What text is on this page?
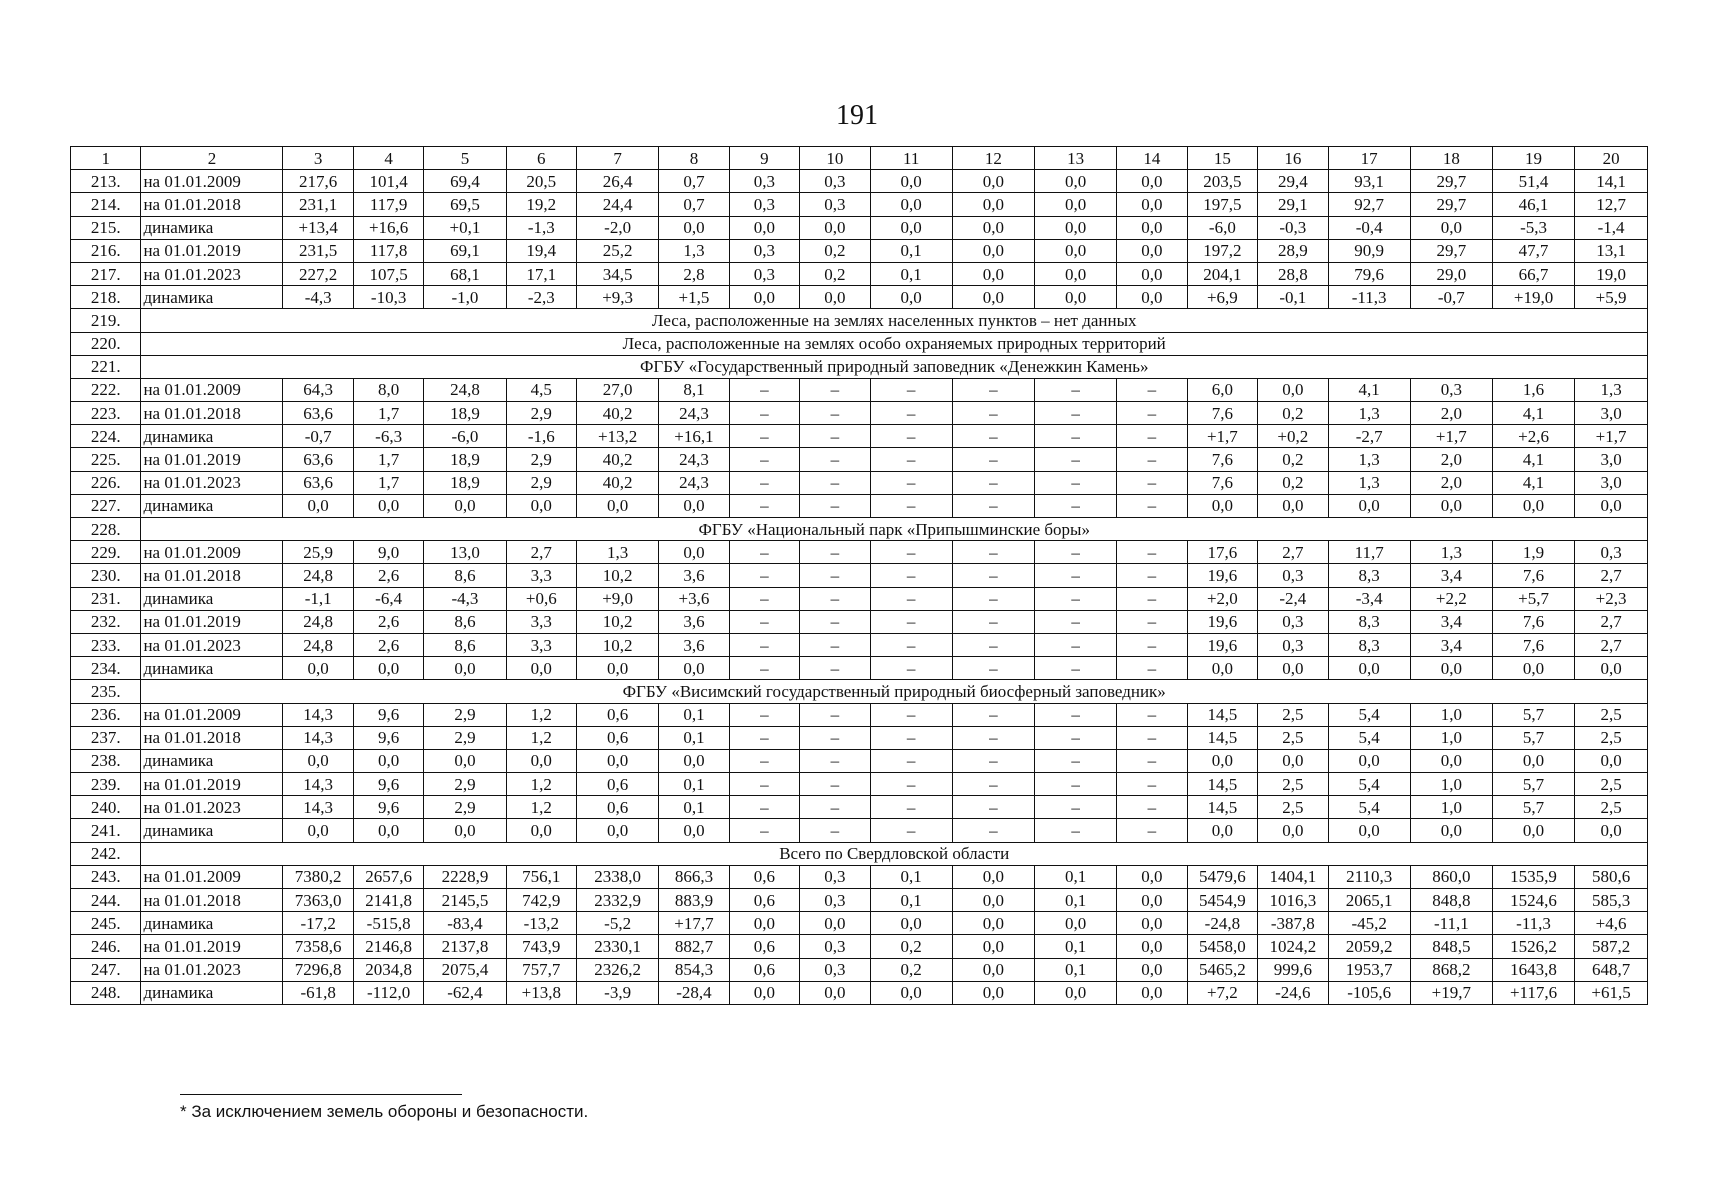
191
1	2	3	4	5	6	7	8	9	10	11	12	13	14	15	16	17	18	19	20
213.	на 01.01.2009	217,6	101,4	69,4	20,5	26,4	0,7	0,3	0,3	0,0	0,0	0,0	0,0	203,5	29,4	93,1	29,7	51,4	14,1
214.	на 01.01.2018	231,1	117,9	69,5	19,2	24,4	0,7	0,3	0,3	0,0	0,0	0,0	0,0	197,5	29,1	92,7	29,7	46,1	12,7
215.	динамика	+13,4	+16,6	+0,1	-1,3	-2,0	0,0	0,0	0,0	0,0	0,0	0,0	0,0	-6,0	-0,3	-0,4	0,0	-5,3	-1,4
216.	на 01.01.2019	231,5	117,8	69,1	19,4	25,2	1,3	0,3	0,2	0,1	0,0	0,0	0,0	197,2	28,9	90,9	29,7	47,7	13,1
217.	на 01.01.2023	227,2	107,5	68,1	17,1	34,5	2,8	0,3	0,2	0,1	0,0	0,0	0,0	204,1	28,8	79,6	29,0	66,7	19,0
218.	динамика	-4,3	-10,3	-1,0	-2,3	+9,3	+1,5	0,0	0,0	0,0	0,0	0,0	0,0	+6,9	-0,1	-11,3	-0,7	+19,0	+5,9
219.	Леса, расположенные на землях населенных пунктов – нет данных																		
220.	Леса, расположенные на землях особо охраняемых природных территорий																		
221.	ФГБУ «Государственный природный заповедник «Денежкин Камень»																		
222.	на 01.01.2009	64,3	8,0	24,8	4,5	27,0	8,1	–	–	–	–	–	–	6,0	0,0	4,1	0,3	1,6	1,3
223.	на 01.01.2018	63,6	1,7	18,9	2,9	40,2	24,3	–	–	–	–	–	–	7,6	0,2	1,3	2,0	4,1	3,0
224.	динамика	-0,7	-6,3	-6,0	-1,6	+13,2	+16,1	–	–	–	–	–	–	+1,7	+0,2	-2,7	+1,7	+2,6	+1,7
225.	на 01.01.2019	63,6	1,7	18,9	2,9	40,2	24,3	–	–	–	–	–	–	7,6	0,2	1,3	2,0	4,1	3,0
226.	на 01.01.2023	63,6	1,7	18,9	2,9	40,2	24,3	–	–	–	–	–	–	7,6	0,2	1,3	2,0	4,1	3,0
227.	динамика	0,0	0,0	0,0	0,0	0,0	0,0	–	–	–	–	–	–	0,0	0,0	0,0	0,0	0,0	0,0
228.	ФГБУ «Национальный парк «Припышминские боры»																		
229.	на 01.01.2009	25,9	9,0	13,0	2,7	1,3	0,0	–	–	–	–	–	–	17,6	2,7	11,7	1,3	1,9	0,3
230.	на 01.01.2018	24,8	2,6	8,6	3,3	10,2	3,6	–	–	–	–	–	–	19,6	0,3	8,3	3,4	7,6	2,7
231.	динамика	-1,1	-6,4	-4,3	+0,6	+9,0	+3,6	–	–	–	–	–	–	+2,0	-2,4	-3,4	+2,2	+5,7	+2,3
232.	на 01.01.2019	24,8	2,6	8,6	3,3	10,2	3,6	–	–	–	–	–	–	19,6	0,3	8,3	3,4	7,6	2,7
233.	на 01.01.2023	24,8	2,6	8,6	3,3	10,2	3,6	–	–	–	–	–	–	19,6	0,3	8,3	3,4	7,6	2,7
234.	динамика	0,0	0,0	0,0	0,0	0,0	0,0	–	–	–	–	–	–	0,0	0,0	0,0	0,0	0,0	0,0
235.	ФГБУ «Висимский государственный природный биосферный заповедник»																		
236.	на 01.01.2009	14,3	9,6	2,9	1,2	0,6	0,1	–	–	–	–	–	–	14,5	2,5	5,4	1,0	5,7	2,5
237.	на 01.01.2018	14,3	9,6	2,9	1,2	0,6	0,1	–	–	–	–	–	–	14,5	2,5	5,4	1,0	5,7	2,5
238.	динамика	0,0	0,0	0,0	0,0	0,0	0,0	–	–	–	–	–	–	0,0	0,0	0,0	0,0	0,0	0,0
239.	на 01.01.2019	14,3	9,6	2,9	1,2	0,6	0,1	–	–	–	–	–	–	14,5	2,5	5,4	1,0	5,7	2,5
240.	на 01.01.2023	14,3	9,6	2,9	1,2	0,6	0,1	–	–	–	–	–	–	14,5	2,5	5,4	1,0	5,7	2,5
241.	динамика	0,0	0,0	0,0	0,0	0,0	0,0	–	–	–	–	–	–	0,0	0,0	0,0	0,0	0,0	0,0
242.	Всего по Свердловской области																		
243.	на 01.01.2009	7380,2	2657,6	2228,9	756,1	2338,0	866,3	0,6	0,3	0,1	0,0	0,1	0,0	5479,6	1404,1	2110,3	860,0	1535,9	580,6
244.	на 01.01.2018	7363,0	2141,8	2145,5	742,9	2332,9	883,9	0,6	0,3	0,1	0,0	0,1	0,0	5454,9	1016,3	2065,1	848,8	1524,6	585,3
245.	динамика	-17,2	-515,8	-83,4	-13,2	-5,2	+17,7	0,0	0,0	0,0	0,0	0,0	0,0	-24,8	-387,8	-45,2	-11,1	-11,3	+4,6
246.	на 01.01.2019	7358,6	2146,8	2137,8	743,9	2330,1	882,7	0,6	0,3	0,2	0,0	0,1	0,0	5458,0	1024,2	2059,2	848,5	1526,2	587,2
247.	на 01.01.2023	7296,8	2034,8	2075,4	757,7	2326,2	854,3	0,6	0,3	0,2	0,0	0,1	0,0	5465,2	999,6	1953,7	868,2	1643,8	648,7
248.	динамика	-61,8	-112,0	-62,4	+13,8	-3,9	-28,4	0,0	0,0	0,0	0,0	0,0	0,0	+7,2	-24,6	-105,6	+19,7	+117,6	+61,5
* За исключением земель обороны и безопасности.
